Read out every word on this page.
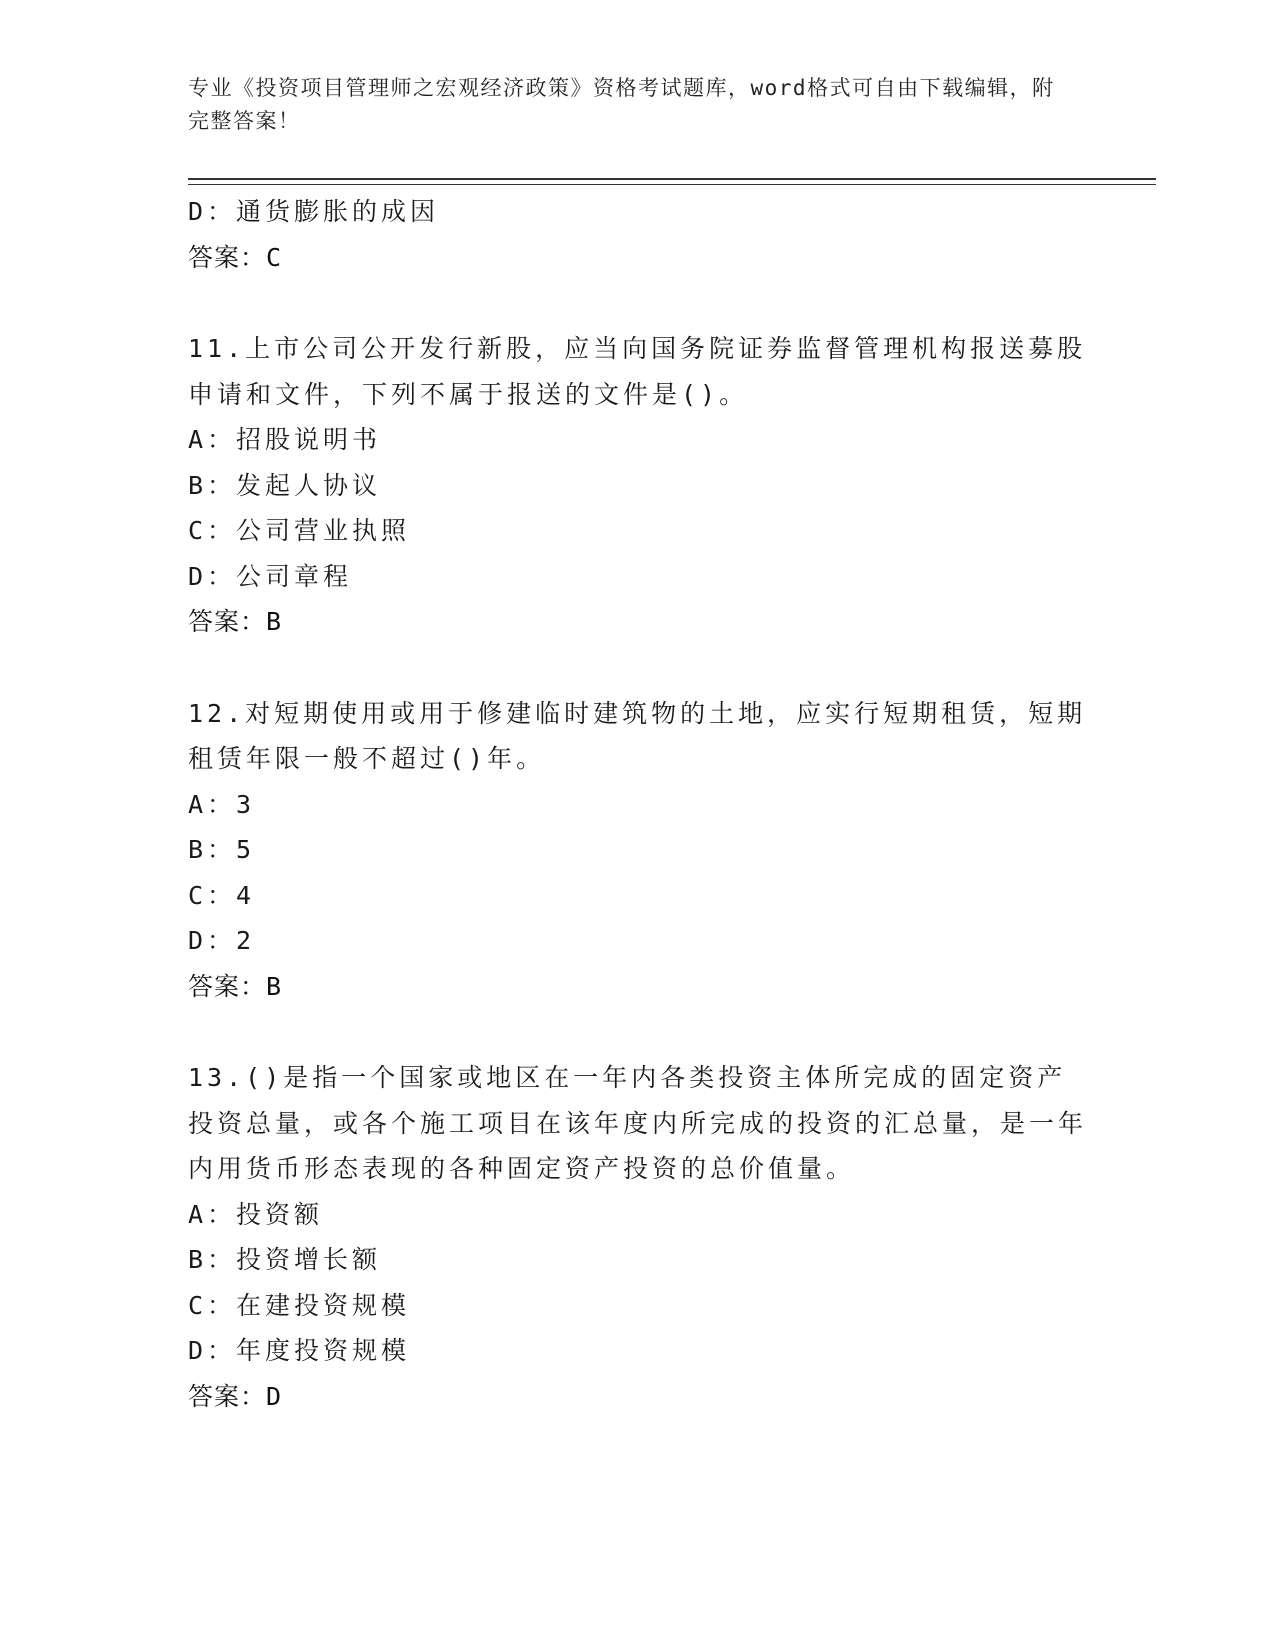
专业《投资项目管理师之宏观经济政策》资格考试题库，word格式可自由下载编辑，附完整答案！
D：通货膨胀的成因
答案：C
11.上市公司公开发行新股，应当向国务院证券监督管理机构报送募股申请和文件，下列不属于报送的文件是()。
A：招股说明书
B：发起人协议
C：公司营业执照
D：公司章程
答案：B
12.对短期使用或用于修建临时建筑物的土地，应实行短期租赁，短期租赁年限一般不超过()年。
A：3
B：5
C：4
D：2
答案：B
13.()是指一个国家或地区在一年内各类投资主体所完成的固定资产投资总量，或各个施工项目在该年度内所完成的投资的汇总量，是一年内用货币形态表现的各种固定资产投资的总价值量。
A：投资额
B：投资增长额
C：在建投资规模
D：年度投资规模
答案：D
